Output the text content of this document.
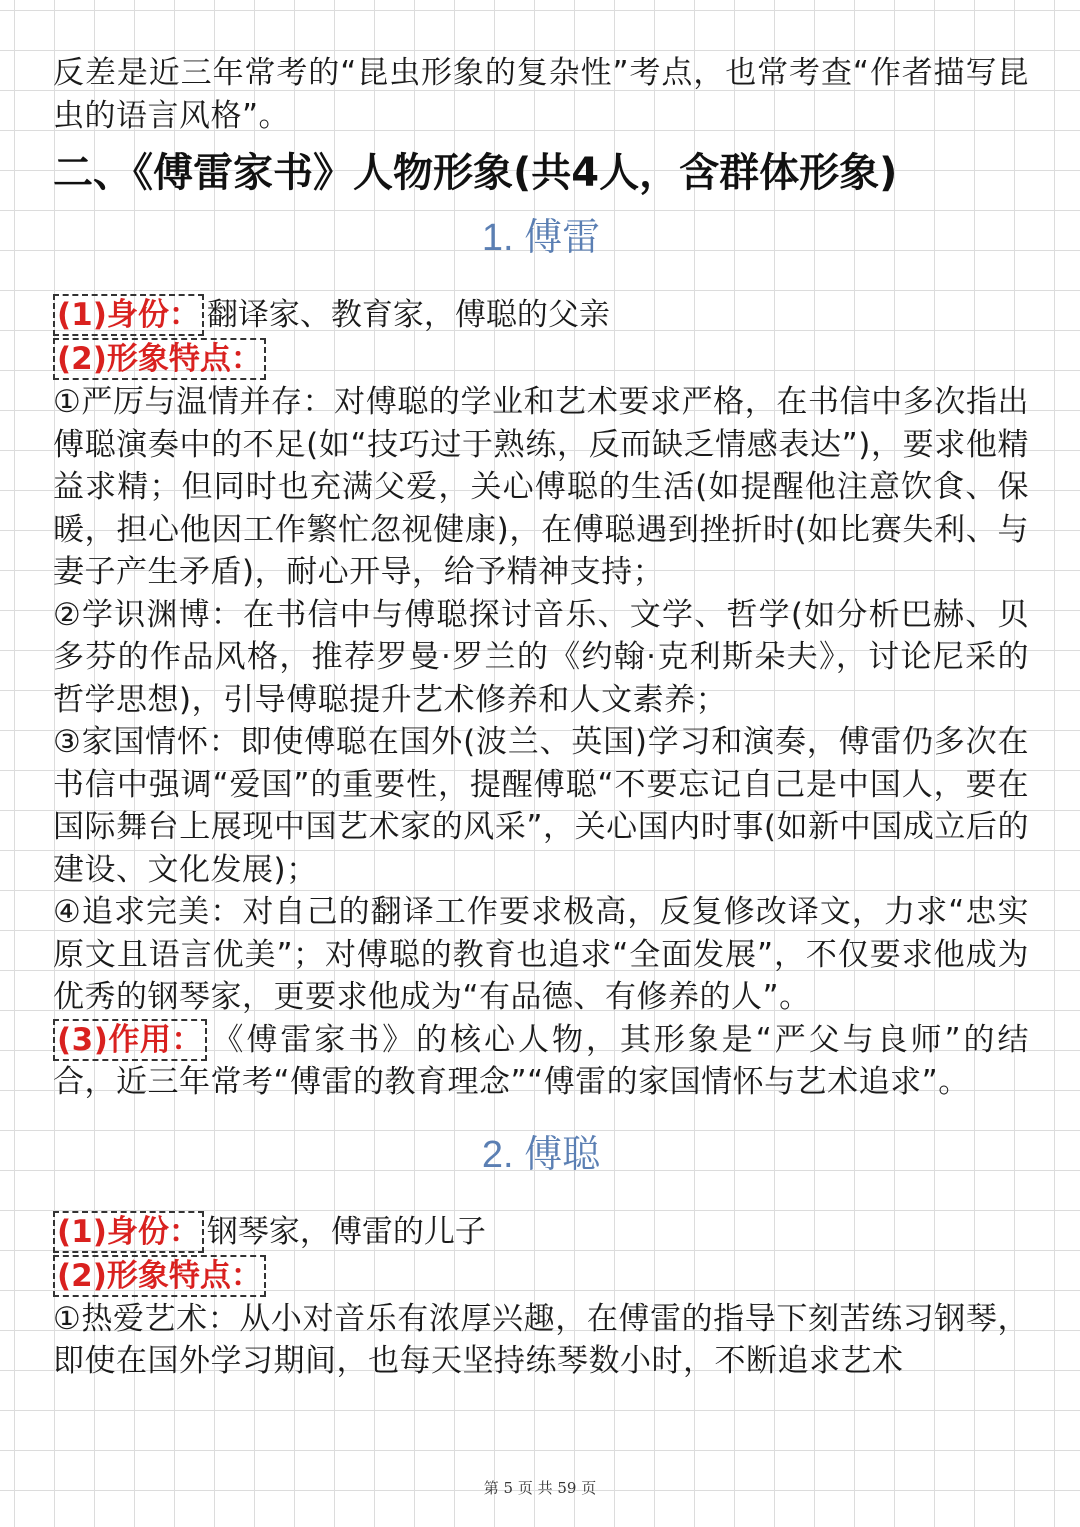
反差是近三年常考的“昆虫形象的复杂性”考点，也常考查“作者描写昆虫的语言风格”。

二、《傅雷家书》人物形象(共4人，含群体形象)
1. 傅雷

(1)身份： 翻译家、教育家，傅聪的父亲

(2)形象特点：

①严厉与温情并存：对傅聪的学业和艺术要求严格，在书信中多次指出傅聪演奏中的不足(如“技巧过于熟练，反而缺乏情感表达”)，要求他精益求精；但同时也充满父爱，关心傅聪的生活(如提醒他注意饮食、保暖，担心他因工作繁忙忽视健康)，在傅聪遇到挫折时(如比赛失利、与妻子产生矛盾)，耐心开导，给予精神支持；

②学识渊博：在书信中与傅聪探讨音乐、文学、哲学(如分析巴赫、贝多芬的作品风格，推荐罗曼·罗兰的《约翰·克利斯朵夫》，讨论尼采的哲学思想)，引导傅聪提升艺术修养和人文素养；

③家国情怀：即使傅聪在国外(波兰、英国)学习和演奏，傅雷仍多次在书信中强调“爱国”的重要性，提醒傅聪“不要忘记自己是中国人，要在国际舞台上展现中国艺术家的风采”，关心国内时事(如新中国成立后的建设、文化发展)；

④追求完美：对自己的翻译工作要求极高，反复修改译文，力求“忠实原文且语言优美”；对傅聪的教育也追求“全面发展”，不仅要求他成为优秀的钢琴家，更要求他成为“有品德、有修养的人”。

(3)作用： 《傅雷家书》的核心人物，其形象是“严父与良师”的结合，近三年常考“傅雷的教育理念”“傅雷的家国情怀与艺术追求”。

2. 傅聪

(1)身份： 钢琴家，傅雷的儿子

(2)形象特点：

①热爱艺术：从小对音乐有浓厚兴趣，在傅雷的指导下刻苦练习钢琴，即使在国外学习期间，也每天坚持练琴数小时，不断追求艺术

第 5 页 共 59 页
